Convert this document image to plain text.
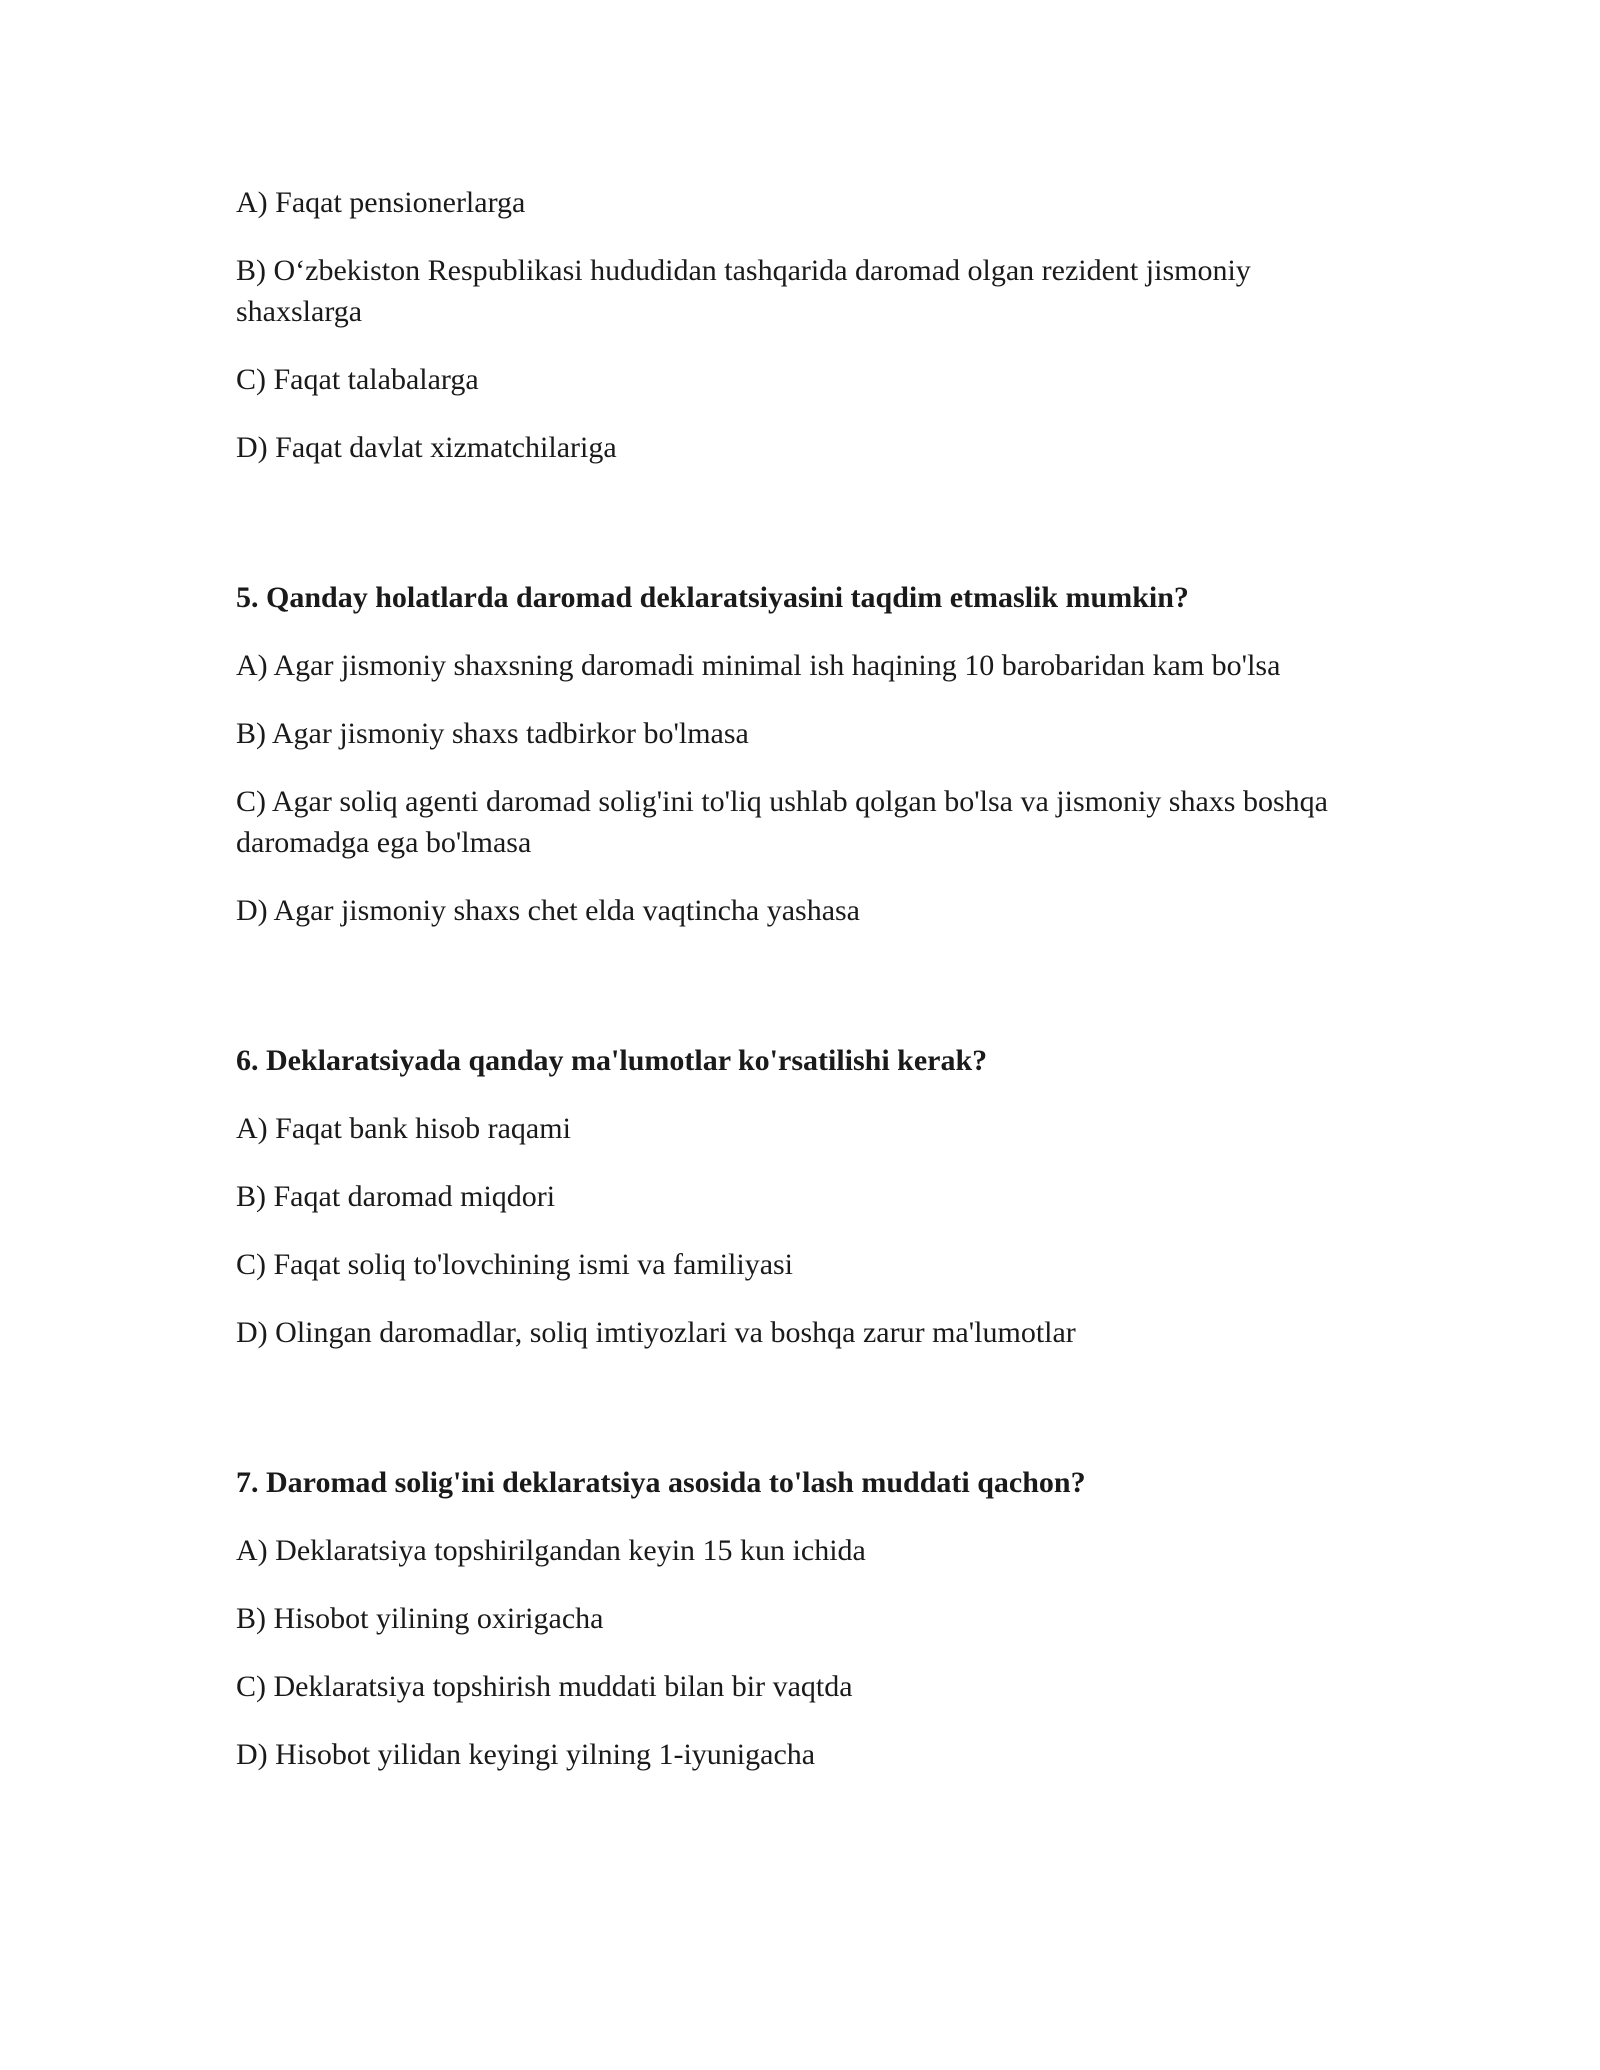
A) Faqat pensionerlarga

B) O‘zbekiston Respublikasi hududidan tashqarida daromad olgan rezident jismoniy shaxslarga

C) Faqat talabalarga

D) Faqat davlat xizmatchilariga

5. Qanday holatlarda daromad deklaratsiyasini taqdim etmaslik mumkin?

A) Agar jismoniy shaxsning daromadi minimal ish haqining 10 barobaridan kam bo'lsa

B) Agar jismoniy shaxs tadbirkor bo'lmasa

C) Agar soliq agenti daromad solig'ini to'liq ushlab qolgan bo'lsa va jismoniy shaxs boshqa daromadga ega bo'lmasa

D) Agar jismoniy shaxs chet elda vaqtincha yashasa

6. Deklaratsiyada qanday ma'lumotlar ko'rsatilishi kerak?

A) Faqat bank hisob raqami

B) Faqat daromad miqdori

C) Faqat soliq to'lovchining ismi va familiyasi

D) Olingan daromadlar, soliq imtiyozlari va boshqa zarur ma'lumotlar

7. Daromad solig'ini deklaratsiya asosida to'lash muddati qachon?

A) Deklaratsiya topshirilgandan keyin 15 kun ichida

B) Hisobot yilining oxirigacha

C) Deklaratsiya topshirish muddati bilan bir vaqtda

D) Hisobot yilidan keyingi yilning 1-iyunigacha
